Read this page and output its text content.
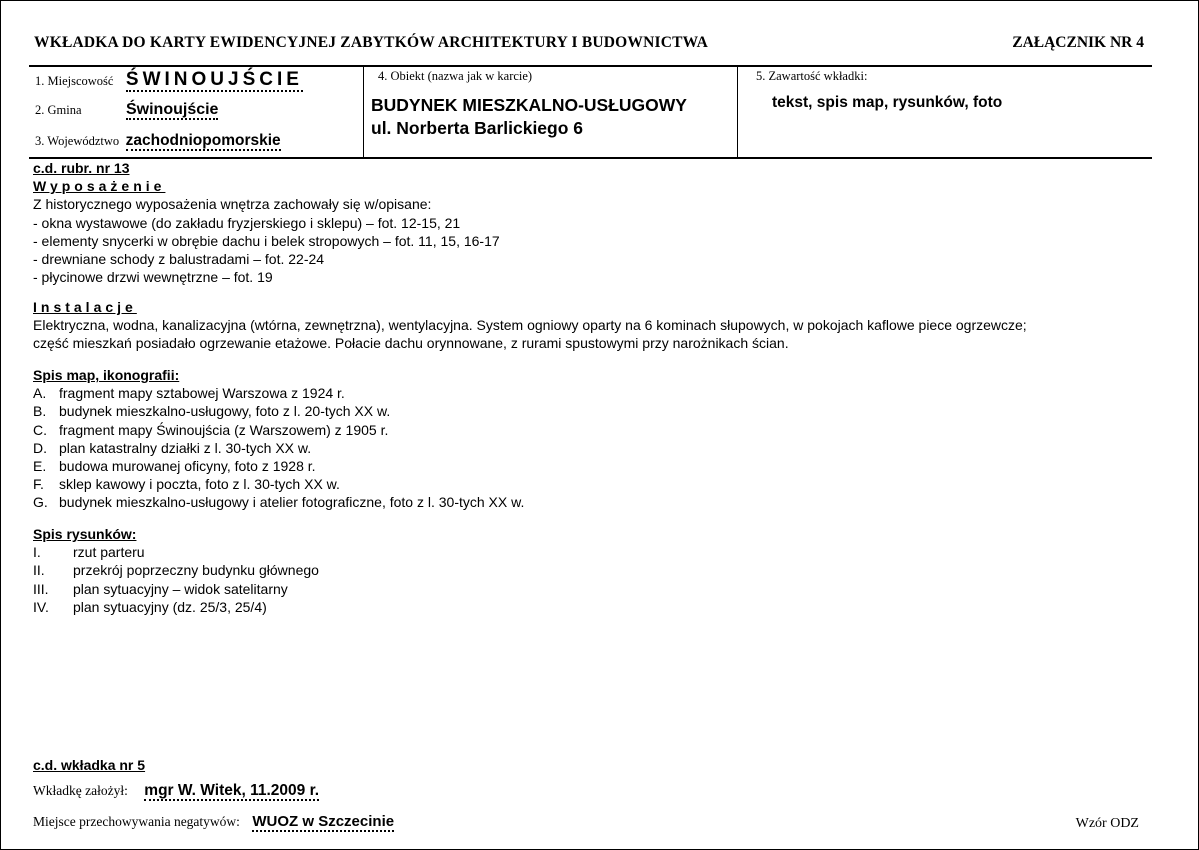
WKŁADKA DO KARTY EWIDENCYJNEJ ZABYTKÓW ARCHITEKTURY I BUDOWNICTWA	ZAŁĄCZNIK NR 4
1. Miejscowość ŚWINOUJŚCIE
2. Gmina	Świnoujście
3. Województwo zachodniopomorskie
4. Obiekt (nazwa jak w karcie)
BUDYNEK MIESZKALNO-USŁUGOWY
ul. Norberta Barlickiego 6
5. Zawartość wkładki:
tekst, spis map, rysunków, foto
c.d. rubr. nr 13
Wyposażenie
Z historycznego wyposażenia wnętrza zachowały się w/opisane:
- okna wystawowe (do zakładu fryzjerskiego i sklepu) – fot. 12-15, 21
- elementy snycerki w obrębie dachu i belek stropowych – fot. 11, 15, 16-17
- drewniane schody z balustradami – fot. 22-24
- płycinowe drzwi wewnętrzne – fot. 19
Instalacje
Elektryczna, wodna, kanalizacyjna (wtórna, zewnętrzna), wentylacyjna. System ogniowy oparty na 6 kominach słupowych, w pokojach kaflowe piece ogrzewcze;
część mieszkań posiadało ogrzewanie etażowe. Połacie dachu orynnowane, z rurami spustowymi przy narożnikach ścian.
Spis map, ikonografii:
A. fragment mapy sztabowej Warszowa z 1924 r.
B. budynek mieszkalno-usługowy, foto z l. 20-tych XX w.
C. fragment mapy Świnoujścia (z Warszowem) z 1905 r.
D. plan katastralny działki z l. 30-tych XX w.
E. budowa murowanej oficyny, foto z 1928 r.
F. sklep kawowy i poczta, foto z l. 30-tych XX w.
G. budynek mieszkalno-usługowy i atelier fotograficzne, foto z l. 30-tych XX w.
Spis rysunków:
I. rzut parteru
II. przekrój poprzeczny budynku głównego
III. plan sytuacyjny – widok satelitarny
IV. plan sytuacyjny (dz. 25/3, 25/4)
c.d. wkładka nr 5
Wkładkę założył: mgr W. Witek, 11.2009 r.
Miejsce przechowywania negatywów: WUOZ w Szczecinie	Wzór ODZ
